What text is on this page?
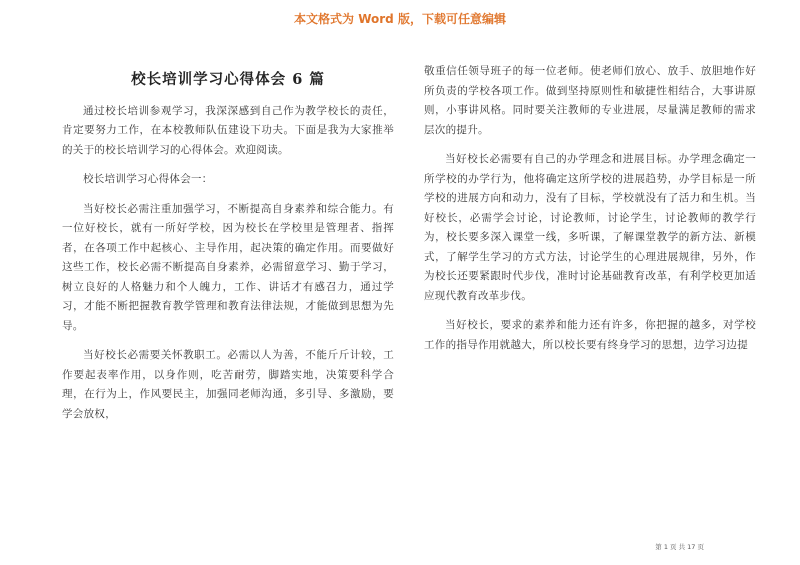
本文格式为 Word 版，下载可任意编辑
校长培训学习心得体会 6 篇

通过校长培训参观学习，我深深感到自己作为教学校长的责任，肯定要努力工作，在本校教师队伍建设下功夫。下面是我为大家推举的关于的校长培训学习的心得体会。欢迎阅读。

校长培训学习心得体会一：

当好校长必需注重加强学习，不断提高自身素养和综合能力。有一位好校长，就有一所好学校，因为校长在学校里是管理者、指挥者，在各项工作中起核心、主导作用，起决策的确定作用。而要做好这些工作，校长必需不断提高自身素养，必需留意学习、勤于学习，树立良好的人格魅力和个人魄力，工作、讲话才有感召力，通过学习，才能不断把握教育教学管理和教育法律法规，才能做到思想为先导。

当好校长必需要关怀教职工。必需以人为善，不能斤斤计较，工作要起表率作用，以身作则，吃苦耐劳，脚踏实地，决策要科学合理，在行为上，作风要民主，加强同老师沟通，多引导、多激励，要学会放权，

敬重信任领导班子的每一位老师。使老师们放心、放手、放胆地作好所负责的学校各项工作。做到坚持原则性和敏捷性相结合，大事讲原则，小事讲风格。同时要关注教师的专业进展，尽量满足教师的需求层次的提升。

当好校长必需要有自己的办学理念和进展目标。办学理念确定一所学校的办学行为，他将确定这所学校的进展趋势，办学目标是一所学校的进展方向和动力，没有了目标，学校就没有了活力和生机。当好校长，必需学会讨论，讨论教师，讨论学生，讨论教师的教学行为，校长要多深入课堂一线，多听课，了解课堂教学的新方法、新模式，了解学生学习的方式方法，讨论学生的心理进展规律，另外，作为校长还要紧跟时代步伐，准时讨论基础教育改革，有利学校更加适应现代教育改革步伐。

当好校长，要求的素养和能力还有许多，你把握的越多，对学校工作的指导作用就越大，所以校长要有终身学习的思想，边学习边提

第 1 页 共 17 页
